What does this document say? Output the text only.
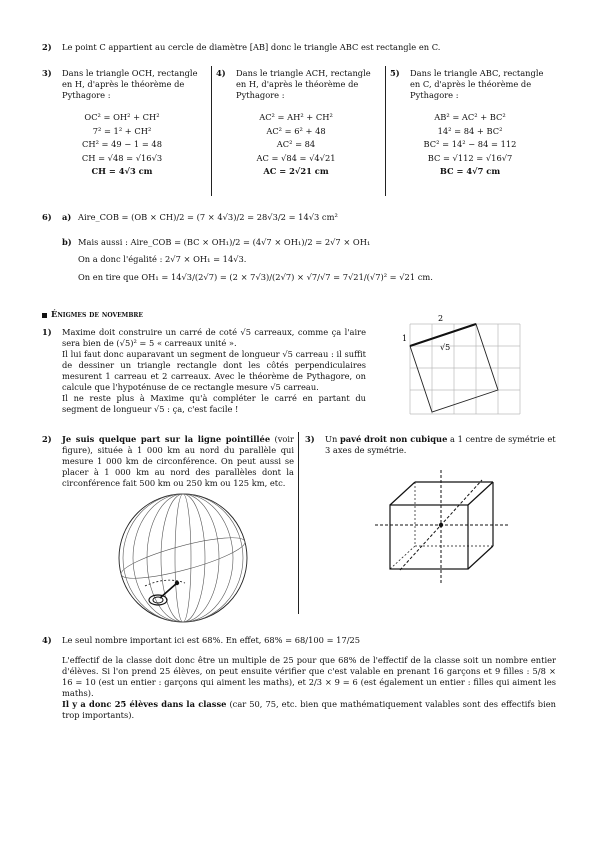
2) Le point C appartient au cercle de diamètre [AB] donc le triangle ABC est rectangle en C.
3) Dans le triangle OCH, rectangle en H, d'après le théorème de Pythagore :

OC² = OH² + CH²
7² = 1² + CH²
CH² = 49 − 1 = 48
CH = √48 = √16√3
CH = 4√3 cm
4) Dans le triangle ACH, rectangle en H, d'après le théorème de Pythagore :

AC² = AH² + CH²
AC² = 6² + 48
AC² = 84
AC = √84 = √4√21
AC = 2√21 cm
5) Dans le triangle ABC, rectangle en C, d'après le théorème de Pythagore :

AB² = AC² + BC²
14² = 84 + BC²
BC² = 14² − 84 = 112
BC = √112 = √16√7
BC = 4√7 cm
6) a) Aire_COB = (OB × CH)/2 = (7 × 4√3)/2 = 28√3/2 = 14√3 cm²
b) Mais aussi : Aire_COB = (BC × OH₁)/2 = (4√7 × OH₁)/2 = 2√7 × OH₁
On a donc l'égalité : 2√7 × OH₁ = 14√3.
On en tire que OH₁ = 14√3/(2√7) = (2 × 7√3)/(2√7) × √7/√7 = 7√21/(√7)² = √21 cm.
Énigmes de novembre
1) Maxime doit construire un carré de coté √5 carreaux, comme ça l'aire sera bien de (√5)² = 5 « carreaux unité ».

Il lui faut donc auparavant un segment de longueur √5 carreau : il suffit de dessiner un triangle rectangle dont les côtés perpendiculaires mesurent 1 carreau et 2 carreaux. Avec le théorème de Pythagore, on calcule que l'hypoténuse de ce rectangle mesure √5 carreau.

Il ne reste plus à Maxime qu'à compléter le carré en partant du segment de longueur √5 : ça, c'est facile !

2
1
√5
2) Je suis quelque part sur la ligne pointillée (voir figure), située à 1 000 km au nord du parallèle qui mesure 1 000 km de circonférence. On peut aussi se placer à 1 000 km au nord des parallèles dont la circonférence fait 500 km ou 250 km ou 125 km, etc.

3) Un pavé droit non cubique a 1 centre de symétrie et 3 axes de symétrie.

4) Le seul nombre important ici est 68%. En effet, 68% = 68/100 = 17/25

L'effectif de la classe doit donc être un multiple de 25 pour que 68% de l'effectif de la classe soit un nombre entier d'élèves. Si l'on prend 25 élèves, on peut ensuite vérifier que c'est valable en prenant 16 garçons et 9 filles : 5/8 × 16 = 10 (est un entier : garçons qui aiment les maths), et 2/3 × 9 = 6 (est également un entier : filles qui aiment les maths).

Il y a donc 25 élèves dans la classe (car 50, 75, etc. bien que mathématiquement valables sont des effectifs bien trop importants).
